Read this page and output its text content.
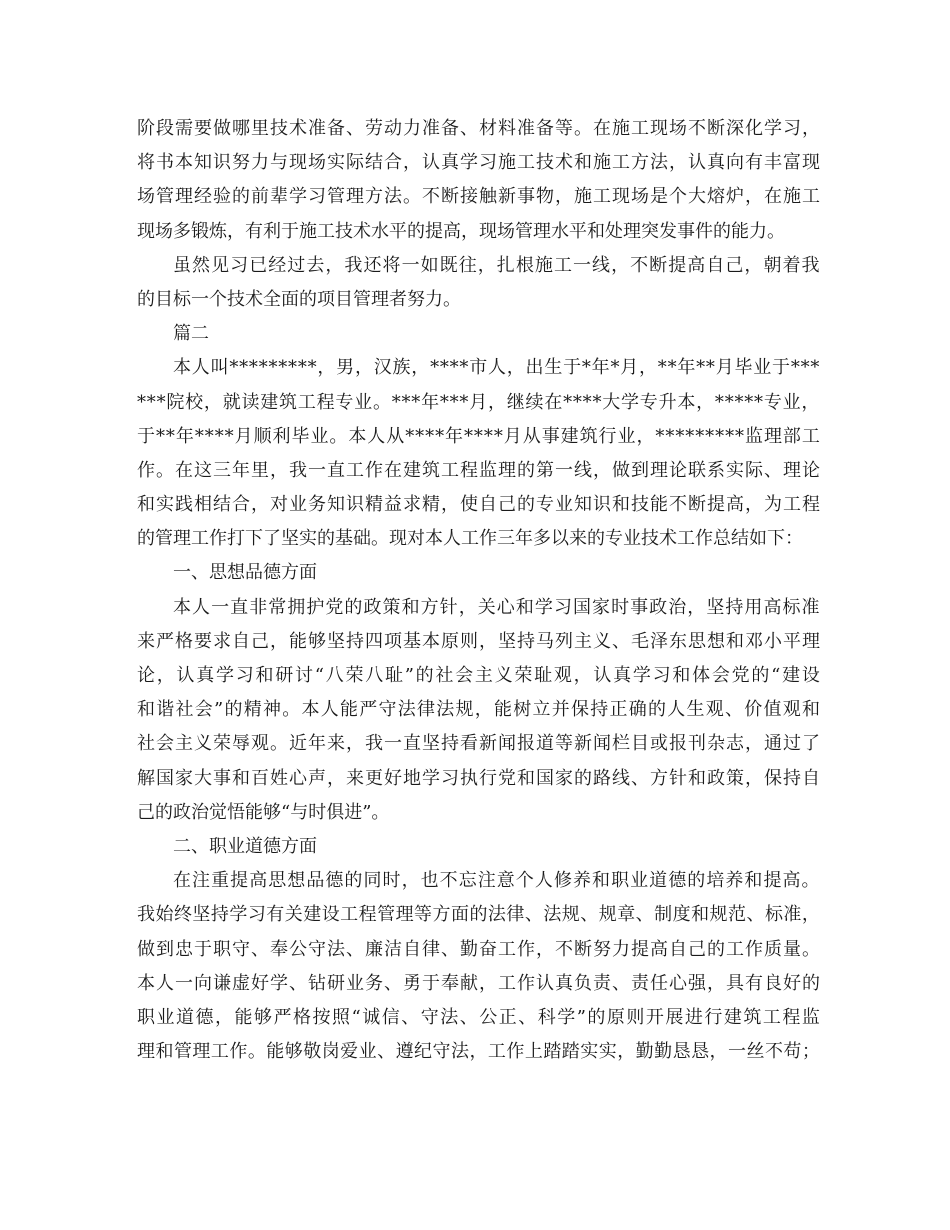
阶 段 需 要 做 哪 里 技 术 准 备 、 劳 动 力 准 备 、 材 料 准 备 等 。 在 施 工 现 场 不 断 深 化 学 习 ，
将 书 本 知 识 努 力 与 现 场 实 际 结 合 ， 认 真 学 习 施 工 技 术 和 施 工 方 法 ， 认 真 向 有 丰 富 现
场 管 理 经 验 的 前 辈 学 习 管 理 方 法 。 不 断 接 触 新 事 物 ， 施 工 现 场 是 个 大 熔 炉 ， 在 施 工
现场多锻炼，有利于施工技术水平的提高，现场管理水平和处理突发事件的能力。
虽 然 见 习 已 经 过 去 ， 我 还 将 一 如 既 往 ， 扎 根 施 工 一 线 ， 不 断 提 高 自 己 ， 朝 着 我
的目标一个技术全面的项目管理者努力。
篇二
本 人 叫 * * * * * * * * * ， 男 ， 汉 族 ， * * * * 市 人 ， 出 生 于 * 年 * 月 ， * * 年 * * 月 毕 业 于 * * *
* * * 院 校 ， 就 读 建 筑 工 程 专 业 。 * * * 年 * * * 月 ， 继 续 在 * * * * 大 学 专 升 本 ， * * * * * 专 业 ，
于 * * 年 * * * * 月 顺 利 毕 业 。 本 人 从 * * * * 年 * * * * 月 从 事 建 筑 行 业 ， * * * * * * * * * 监 理 部 工
作 。 在 这 三 年 里 ， 我 一 直 工 作 在 建 筑 工 程 监 理 的 第 一 线 ， 做 到 理 论 联 系 实 际 、 理 论
和 实 践 相 结 合 ， 对 业 务 知 识 精 益 求 精 ， 使 自 己 的 专 业 知 识 和 技 能 不 断 提 高 ， 为 工 程
的管理工作打下了坚实的基础。现对本人工作三年多以来的专业技术工作总结如下：
一、思想品德方面
本 人 一 直 非 常 拥 护 党 的 政 策 和 方 针 ， 关 心 和 学 习 国 家 时 事 政 治 ， 坚 持 用 高 标 准
来 严 格 要 求 自 己 ， 能 够 坚 持 四 项 基 本 原 则 ， 坚 持 马 列 主 义 、 毛 泽 东 思 想 和 邓 小 平 理
论 ， 认 真 学 习 和 研 讨 “ 八 荣 八 耻 ” 的 社 会 主 义 荣 耻 观 ， 认 真 学 习 和 体 会 党 的 “ 建 设
和 谐 社 会 ” 的 精 神 。 本 人 能 严 守 法 律 法 规 ， 能 树 立 并 保 持 正 确 的 人 生 观 、 价 值 观 和
社 会 主 义 荣 辱 观 。 近 年 来 ， 我 一 直 坚 持 看 新 闻 报 道 等 新 闻 栏 目 或 报 刊 杂 志 ， 通 过 了
解 国 家 大 事 和 百 姓 心 声 ， 来 更 好 地 学 习 执 行 党 和 国 家 的 路 线 、 方 针 和 政 策 ， 保 持 自
己的政治觉悟能够“与时俱进”。
二、职业道德方面
在 注 重 提 高 思 想 品 德 的 同 时 ， 也 不 忘 注 意 个 人 修 养 和 职 业 道 德 的 培 养 和 提 高 。
我 始 终 坚 持 学 习 有 关 建 设 工 程 管 理 等 方 面 的 法 律 、 法 规 、 规 章 、 制 度 和 规 范 、 标 准 ，
做 到 忠 于 职 守 、 奉 公 守 法 、 廉 洁 自 律 、 勤 奋 工 作 ， 不 断 努 力 提 高 自 己 的 工 作 质 量 。
本 人 一 向 谦 虚 好 学 、 钻 研 业 务 、 勇 于 奉 献 ， 工 作 认 真 负 责 、 责 任 心 强 ， 具 有 良 好 的
职 业 道 德 ， 能 够 严 格 按 照 “ 诚 信 、 守 法 、 公 正 、 科 学 ” 的 原 则 开 展 进 行 建 筑 工 程 监
理 和 管 理 工 作 。 能 够 敬 岗 爱 业 、 遵 纪 守 法 ， 工 作 上 踏 踏 实 实 ， 勤 勤 恳 恳 ， 一 丝 不 苟 ；
